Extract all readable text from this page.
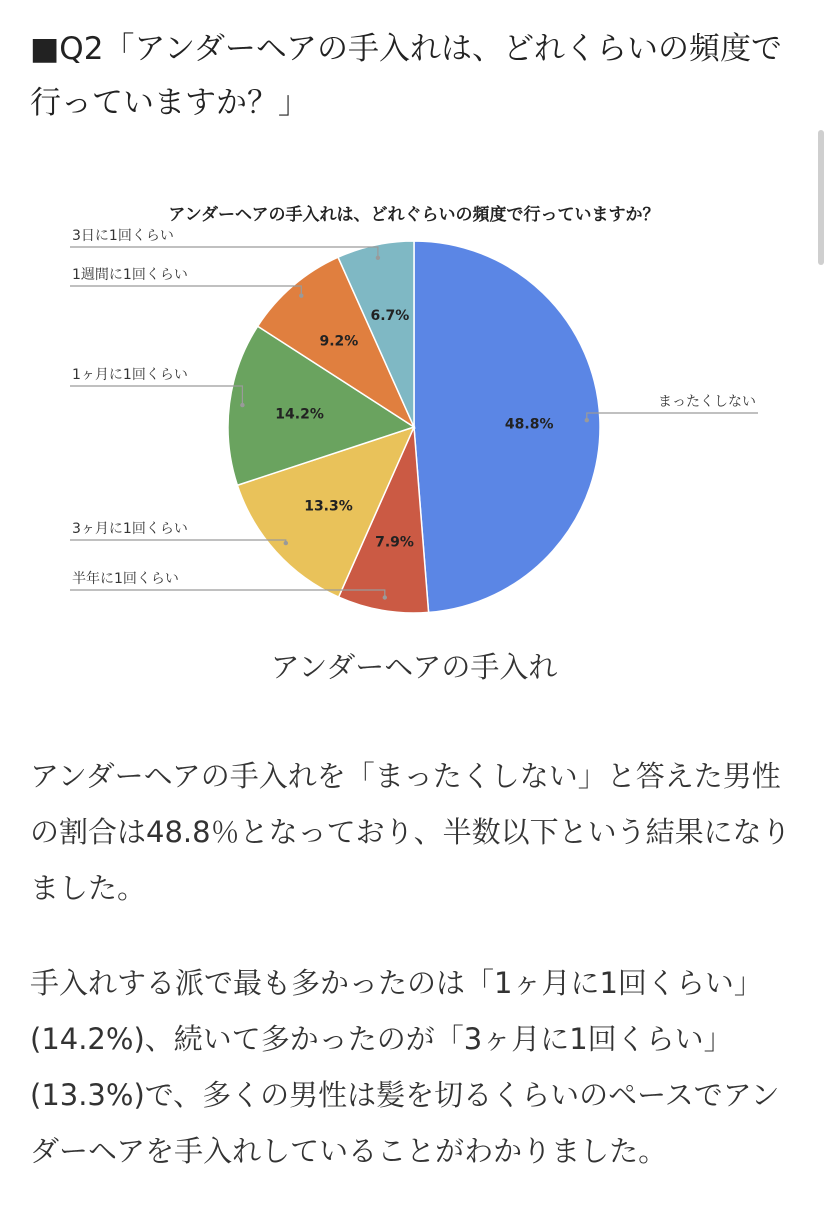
■Q2「アンダーヘアの手入れは、どれくらいの頻度で行っていますか？」
アンダーヘアの手入れは、どれぐらいの頻度で行っていますか？
48.8%
まったくしない
7.9%
半年に1回くらい
13.3%
3ヶ月に1回くらい
14.2%
1ヶ月に1回くらい
9.2%
1週間に1回くらい
6.7%
3日に1回くらい
アンダーヘアの手入れ
アンダーヘアの手入れを「まったくしない」と答えた男性の割合は48.8％となっており、半数以下という結果になりました。
手入れする派で最も多かったのは「1ヶ月に1回くらい」(14.2%)、続いて多かったのが「3ヶ月に1回くらい」(13.3%)で、多くの男性は髪を切るくらいのペースでアンダーヘアを手入れしていることがわかりました。
